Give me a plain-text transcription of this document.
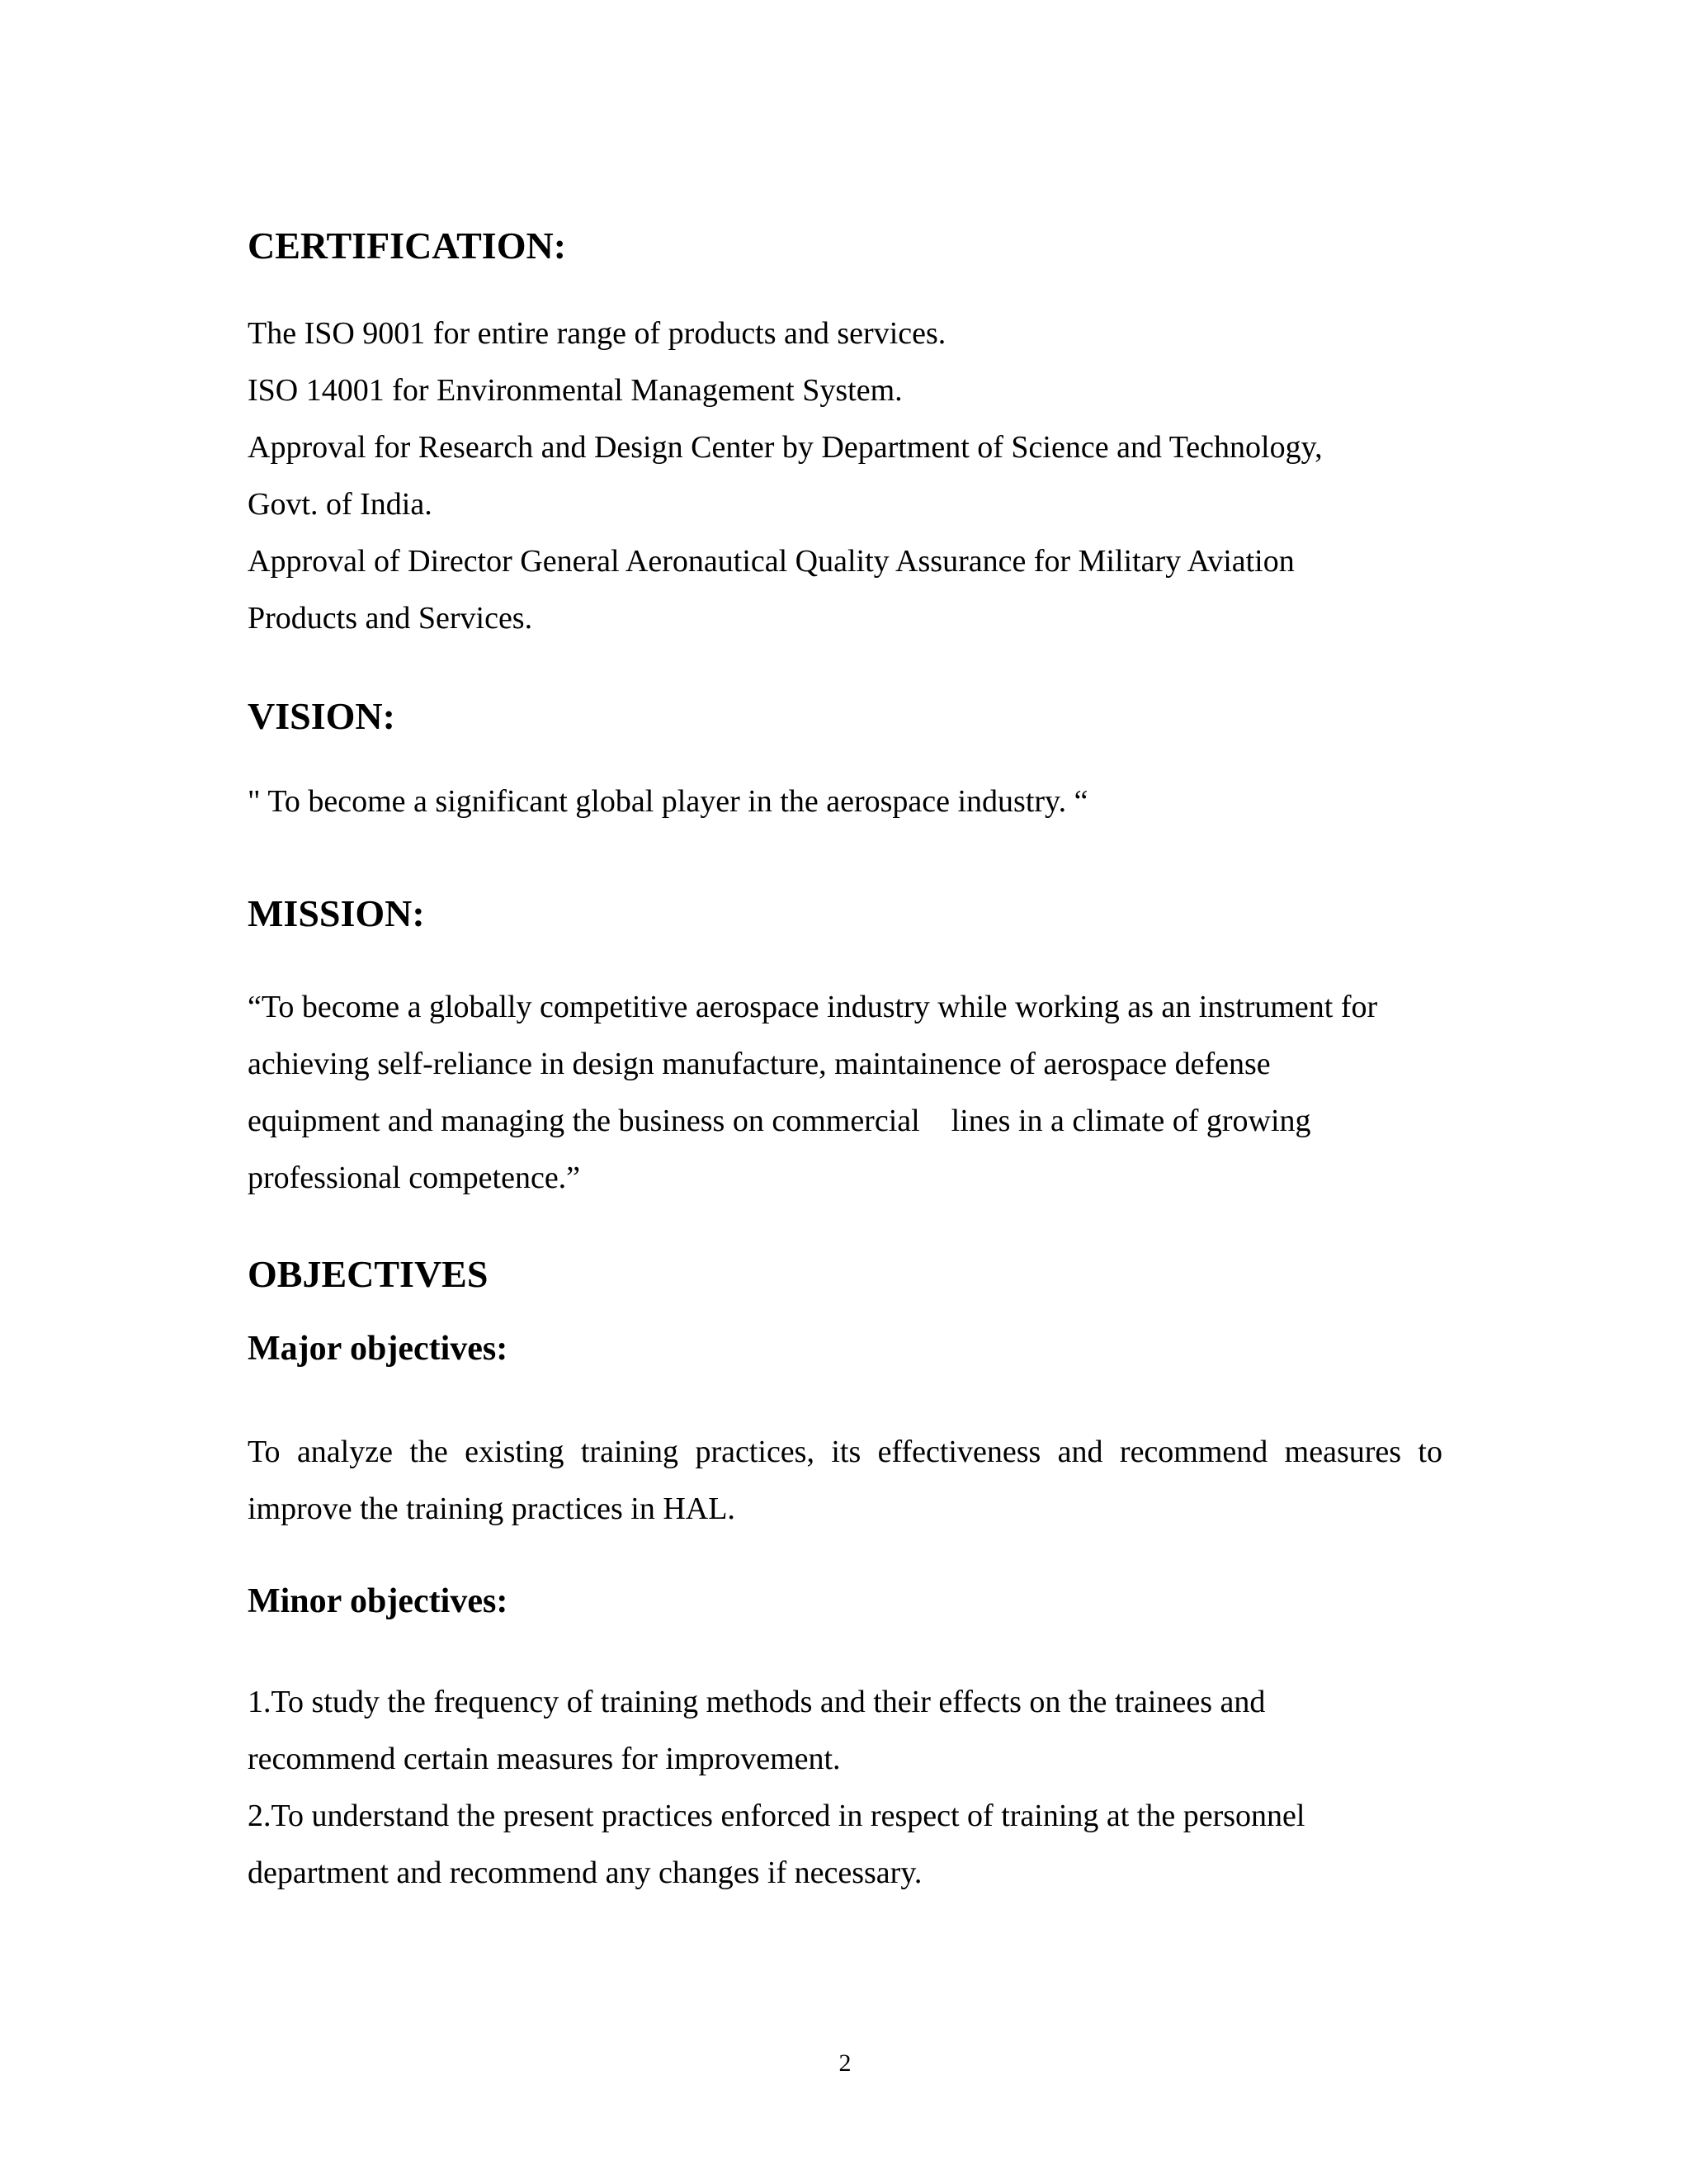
CERTIFICATION:

The ISO 9001 for entire range of products and services.

ISO 14001 for Environmental Management System.

Approval for Research and Design Center by Department of Science and Technology,

Govt. of India.

Approval of Director General Aeronautical Quality Assurance for Military Aviation

Products and Services.

VISION:

" To become a significant global player in the aerospace industry. “

MISSION:

“To become a globally competitive aerospace industry while working as an instrument for

achieving self-reliance in design manufacture, maintainence of aerospace defense

equipment and managing the business on commercial    lines in a climate of growing

professional competence.”

OBJECTIVES
Major objectives:

To analyze the existing training practices, its effectiveness and recommend measures to improve the training practices in HAL.

Minor objectives:

1.To study the frequency of training methods and their effects on the trainees and

recommend certain measures for improvement.

2.To understand the present practices enforced in respect of training at the personnel

department and recommend any changes if necessary.

2
